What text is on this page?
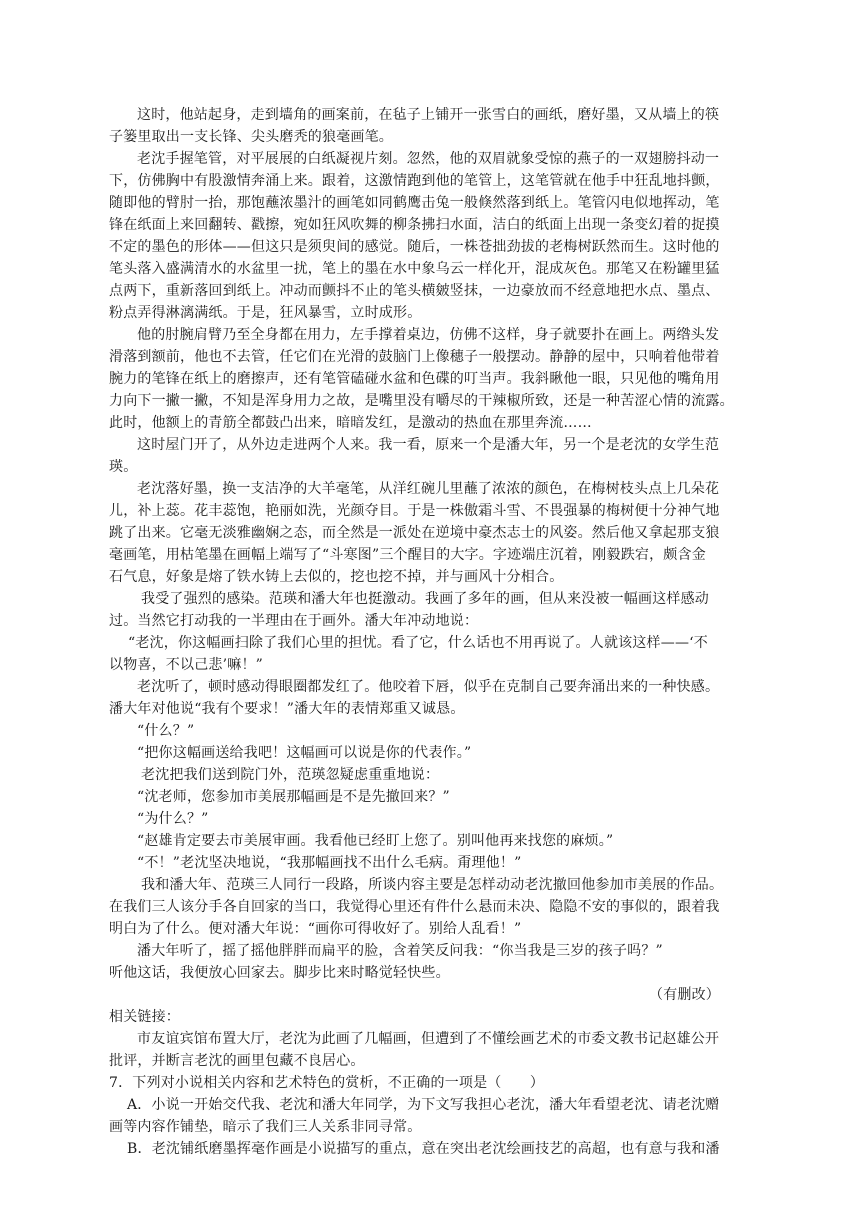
这时，他站起身，走到墙角的画案前，在毡子上铺开一张雪白的画纸，磨好墨，又从墙上的筷
子篓里取出一支长锋、尖头磨秃的狼毫画笔。
老沈手握笔管，对平展展的白纸凝视片刻。忽然，他的双眉就象受惊的燕子的一双翅膀抖动一
下，仿佛胸中有股激情奔涌上来。跟着，这激情跑到他的笔管上，这笔管就在他手中狂乱地抖颤，
随即他的臂肘一抬，那饱蘸浓墨汁的画笔如同鹤鹰击兔一般倏然落到纸上。笔管闪电似地挥动，笔
锋在纸面上来回翻转、戳擦，宛如狂风吹舞的柳条拂扫水面，洁白的纸面上出现一条变幻着的捉摸
不定的墨色的形体——但这只是须臾间的感觉。随后，一株苍拙劲拔的老梅树跃然而生。这时他的
笔头落入盛满清水的水盆里一扰，笔上的墨在水中象乌云一样化开，混成灰色。那笔又在粉罐里猛
点两下，重新落回到纸上。冲动而颤抖不止的笔头横皴竖抹，一边豪放而不经意地把水点、墨点、
粉点弄得淋漓满纸。于是，狂风暴雪，立时成形。
他的肘腕肩臂乃至全身都在用力，左手撑着桌边，仿佛不这样，身子就要扑在画上。两绺头发
滑落到额前，他也不去管，任它们在光滑的鼓脑门上像穗子一般摆动。静静的屋中，只响着他带着
腕力的笔锋在纸上的磨擦声，还有笔管磕碰水盆和色碟的叮当声。我斜瞅他一眼，只见他的嘴角用
力向下一撇一撇，不知是浑身用力之故，是嘴里没有嚼尽的干辣椒所致，还是一种苦涩心情的流露。
此时，他额上的青筋全都鼓凸出来，暗暗发红，是激动的热血在那里奔流……
这时屋门开了，从外边走进两个人来。我一看，原来一个是潘大年，另一个是老沈的女学生范
瑛。
老沈落好墨，换一支洁净的大羊毫笔，从洋红碗儿里蘸了浓浓的颜色，在梅树枝头点上几朵花
儿，补上蕊。花丰蕊饱，艳丽如洗，光颜夺目。于是一株傲霜斗雪、不畏强暴的梅树便十分神气地
跳了出来。它毫无淡雅幽娴之态，而全然是一派处在逆境中豪杰志士的风姿。然后他又拿起那支狼
毫画笔，用枯笔墨在画幅上端写了“斗寒图”三个醒目的大字。字迹端庄沉着，刚毅跌宕，颇含金
石气息，好象是熔了铁水铸上去似的，挖也挖不掉，并与画风十分相合。
我受了强烈的感染。范瑛和潘大年也挺激动。我画了多年的画，但从来没被一幅画这样感动
过。当然它打动我的一半理由在于画外。潘大年冲动地说：
“老沈，你这幅画扫除了我们心里的担忧。看了它，什么话也不用再说了。人就该这样——‘不
以物喜，不以己悲’嘛！”
老沈听了，顿时感动得眼圈都发红了。他咬着下唇，似乎在克制自己要奔涌出来的一种快感。
潘大年对他说“我有个要求！”潘大年的表情郑重又诚恳。
“什么？”
“把你这幅画送给我吧！这幅画可以说是你的代表作。”
老沈把我们送到院门外，范瑛忽疑虑重重地说：
“沈老师，您参加市美展那幅画是不是先撤回来？”
“为什么？”
“赵雄肯定要去市美展审画。我看他已经盯上您了。别叫他再来找您的麻烦。”
“不！”老沈坚决地说，“我那幅画找不出什么毛病。甭理他！”
我和潘大年、范瑛三人同行一段路，所谈内容主要是怎样动动老沈撤回他参加市美展的作品。
在我们三人该分手各自回家的当口，我觉得心里还有件什么悬而未决、隐隐不安的事似的，跟着我
明白为了什么。便对潘大年说：“画你可得收好了。别给人乱看！”
潘大年听了，摇了摇他胖胖而扁平的脸，含着笑反问我：“你当我是三岁的孩子吗？”
听他这话，我便放心回家去。脚步比来时略觉轻快些。
（有删改）
相关链接：
市友谊宾馆布置大厅，老沈为此画了几幅画，但遭到了不懂绘画艺术的市委文教书记赵雄公开
批评，并断言老沈的画里包藏不良居心。
7．下列对小说相关内容和艺术特色的赏析，不正确的一项是（　　）
A．小说一开始交代我、老沈和潘大年同学，为下文写我担心老沈，潘大年看望老沈、请老沈赠
画等内容作铺垫，暗示了我们三人关系非同寻常。
B．老沈铺纸磨墨挥毫作画是小说描写的重点，意在突出老沈绘画技艺的高超，也有意与我和潘
